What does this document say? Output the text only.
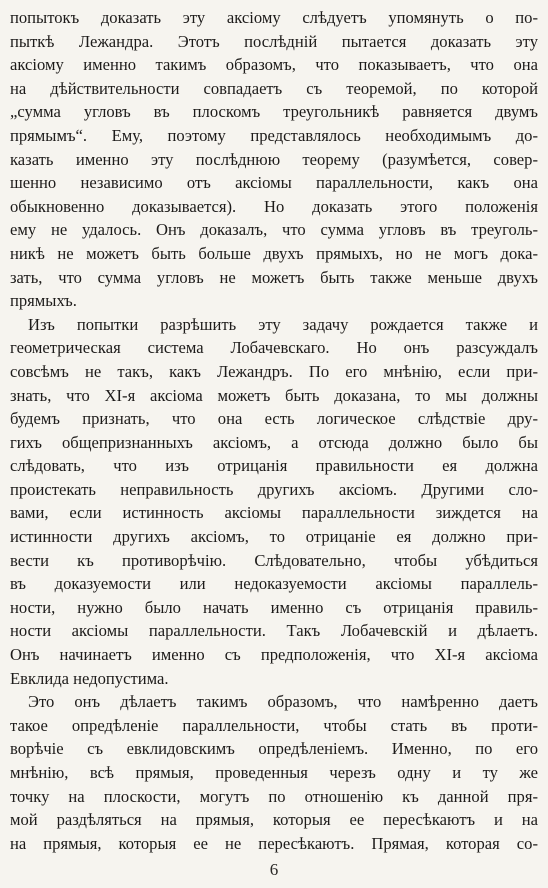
попытокъ доказать эту аксіому слѣдуетъ упомянуть о по-
пыткѣ Лежандра. Этотъ послѣдній пытается доказать эту
аксіому именно такимъ образомъ, что показываетъ, что она
на дѣйствительности совпадаетъ съ теоремой, по которой
„сумма угловъ въ плоскомъ треугольникѣ равняется двумъ
прямымъ“. Ему, поэтому представлялось необходимымъ до-
казать именно эту послѣднюю теорему (разумѣется, совер-
шенно независимо отъ аксіомы параллельности, какъ она
обыкновенно доказывается). Но доказать этого положенія
ему не удалось. Онъ доказалъ, что сумма угловъ въ треуголь-
никѣ не можетъ быть больше двухъ прямыхъ, но не могъ дока-
зать, что сумма угловъ не можетъ быть также меньше двухъ
прямыхъ.
Изъ попытки разрѣшить эту задачу рождается также и
геометрическая система Лобачевскаго. Но онъ разсуждалъ
совсѣмъ не такъ, какъ Лежандръ. По его мнѣнію, если при-
знать, что XI-я аксіома можетъ быть доказана, то мы должны
будемъ признать, что она есть логическое слѣдствіе дру-
гихъ общепризнанныхъ аксіомъ, а отсюда должно было бы
слѣдовать, что изъ отрицанія правильности ея должна
проистекать неправильность другихъ аксіомъ. Другими сло-
вами, если истинность аксіомы параллельности зиждется на
истинности другихъ аксіомъ, то отрицаніе ея должно при-
вести къ противорѣчію. Слѣдовательно, чтобы убѣдиться
въ доказуемости или недоказуемости аксіомы параллель-
ности, нужно было начать именно съ отрицанія правиль-
ности аксіомы параллельности. Такъ Лобачевскій и дѣлаетъ.
Онъ начинаетъ именно съ предположенія, что XI-я аксіома
Евклида недопустима.
Это онъ дѣлаетъ такимъ образомъ, что намѣренно даетъ
такое опредѣленіе параллельности, чтобы стать въ проти-
ворѣчіе съ евклидовскимъ опредѣленіемъ. Именно, по его
мнѣнію, всѣ прямыя, проведенныя черезъ одну и ту же
точку на плоскости, могутъ по отношенію къ данной пря-
мой раздѣляться на прямыя, которыя ее пересѣкаютъ и на
на прямыя, которыя ее не пересѣкаютъ. Прямая, которая со-
6
